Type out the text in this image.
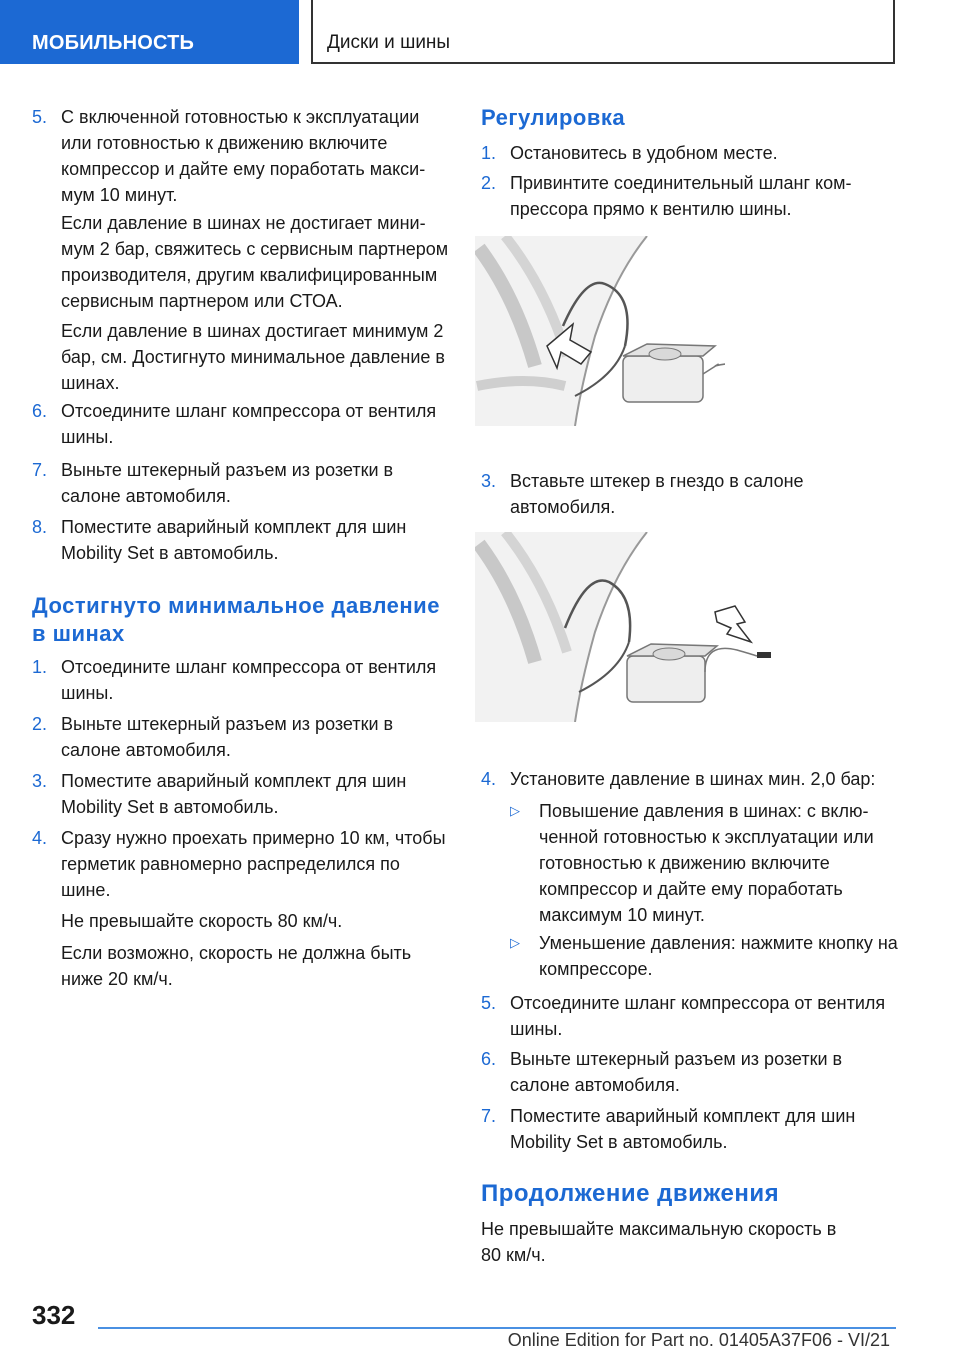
МОБИЛЬНОСТЬ	Диски и шины
5. С включенной готовностью к эксплуатации или готовностью к движению включите компрессор и дайте ему поработать максимум 10 минут.
Если давление в шинах не достигает минимум 2 бар, свяжитесь с сервисным партнером производителя, другим квалифицированным сервисным партнером или СТОА.
Если давление в шинах достигает минимум 2 бар, см. Достигнуто минимальное давление в шинах.
6. Отсоедините шланг компрессора от вентиля шины.
7. Выньте штекерный разъем из розетки в салоне автомобиля.
8. Поместите аварийный комплект для шин Mobility Set в автомобиль.
Достигнуто минимальное давление в шинах
1. Отсоедините шланг компрессора от вентиля шины.
2. Выньте штекерный разъем из розетки в салоне автомобиля.
3. Поместите аварийный комплект для шин Mobility Set в автомобиль.
4. Сразу нужно проехать примерно 10 км, чтобы герметик равномерно распределился по шине.
Не превышайте скорость 80 км/ч.
Если возможно, скорость не должна быть ниже 20 км/ч.
Регулировка
1. Остановитесь в удобном месте.
2. Привинтите соединительный шланг компрессора прямо к вентилю шины.
3. Вставьте штекер в гнездо в салоне автомобиля.
4. Установите давление в шинах мин. 2,0 бар:
▷ Повышение давления в шинах: с включенной готовностью к эксплуатации или готовностью к движению включите компрессор и дайте ему поработать максимум 10 минут.
▷ Уменьшение давления: нажмите кнопку на компрессоре.
5. Отсоедините шланг компрессора от вентиля шины.
6. Выньте штекерный разъем из розетки в салоне автомобиля.
7. Поместите аварийный комплект для шин Mobility Set в автомобиль.
Продолжение движения
Не превышайте максимальную скорость в 80 км/ч.
332
Online Edition for Part no. 01405A37F06 - VI/21
